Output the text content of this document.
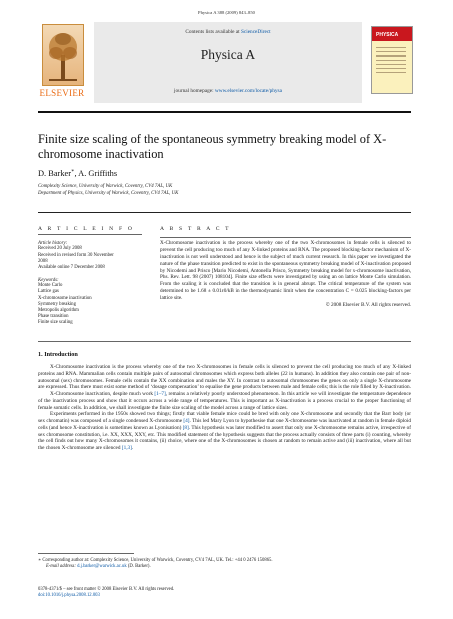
Physica A 388 (2009) 843–850
ELSEVIER
Contents lists available at ScienceDirect
Physica A
journal homepage: www.elsevier.com/locate/physa
PHYSICA
Finite size scaling of the spontaneous symmetry breaking model of X-chromosome inactivation
D. Barker∗, A. Griffiths
Complexity Science, University of Warwick, Coventry, CV4 7AL, UK
Department of Physics, University of Warwick, Coventry, CV4 7AL, UK
A R T I C L E I N F O
Article history:
Received 20 July 2008
Received in revised form 30 November
2008
Available online 7 December 2008
Keywords:
Monte Carlo
Lattice gas
X-chromosome inactivation
Symmetry breaking
Metropolis algorithm
Phase transition
Finite size scaling
A B S T R A C T
X-Chromosome inactivation is the process whereby one of the two X-chromosomes in female cells is silenced to prevent the cell producing too much of any X-linked proteins and RNA. The proposed blocking-factor mechanism of X-inactivation is not well understood and hence is the subject of much current research. In this paper we investigated the nature of the phase transition predicted to exist in the spontaneous symmetry breaking model of X-inactivation proposed by Nicodemi and Prisco [Mario Nicodemi, Antonella Prisco, Symmetry breaking model for x-chromosome inactivation, Phs. Rev. Lett. 98 (2007) 108104]. Finite size effects were investigated by using an on lattice Monte Carlo simulation. From the scaling it is concluded that the transition is in general abrupt. The critical temperature of the system was determined to be 1.68 ± 0.01ε0/kB in the thermodynamic limit when the concentration C = 0.025 blocking-factors per lattice site.
© 2008 Elsevier B.V. All rights reserved.
1. Introduction

X-Chromosome inactivation is the process whereby one of the two X-chromosomes in female cells is silenced to prevent the cell producing too much of any X-linked proteins and RNA. Mammalian cells contain multiple pairs of autosomal chromosomes which express both alleles (22 in humans). In addition they also contain one pair of non-autosomal (sex) chromosomes. Female cells contain the XX combination and males the XY. In contrast to autosomal chromosomes the genes on only a single X-chromosome are expressed. Thus there must exist some method of ‘dosage compensation’ to equalise the gene products between male and female cells; this is the role filled by X-inactivation.

X-Chromosome inactivation, despite much work [1–7], remains a relatively poorly understood phenomenon. In this article we will investigate the temperature dependence of the inactivation process and show that it occurs across a wide range of temperatures. This is important as X-inactivation is a process crucial to the proper functioning of female somatic cells. In addition, we shall investigate the finite size scaling of the model across a range of lattice sizes.

Experiments performed in the 1950s showed two things; firstly that viable female mice could be bred with only one X-chromosome and secondly that the Barr body (or sex chromatin) was composed of a single condensed X-chromosome [4]. This led Mary Lyon to hypothesise that one X-chromosome was inactivated at random in female diploid cells (and hence X-inactivation is sometimes known as Lyonisation) [8]. This hypothesis was later modified to assert that only one X-chromosome remains active, irrespective of sex chromosome constitution, i.e. XX, XXX, XXY, etc. This modified statement of the hypothesis suggests that the process actually consists of three parts (i) counting, whereby the cell finds out how many X-chromosomes it contains, (ii) choice, where one of the X-chromosomes is chosen at random to remain active and (iii) inactivation, where all but the chosen X-chromosome are silenced [1,3].

∗ Corresponding author at: Complexity Science, University of Warwick, Coventry, CV4 7AL, UK. Tel.: +44 0 2476 150865.
E-mail address: d.j.barker@warwick.ac.uk (D. Barker).
0378-4371/$ – see front matter © 2008 Elsevier B.V. All rights reserved.
doi:10.1016/j.physa.2008.12.003
